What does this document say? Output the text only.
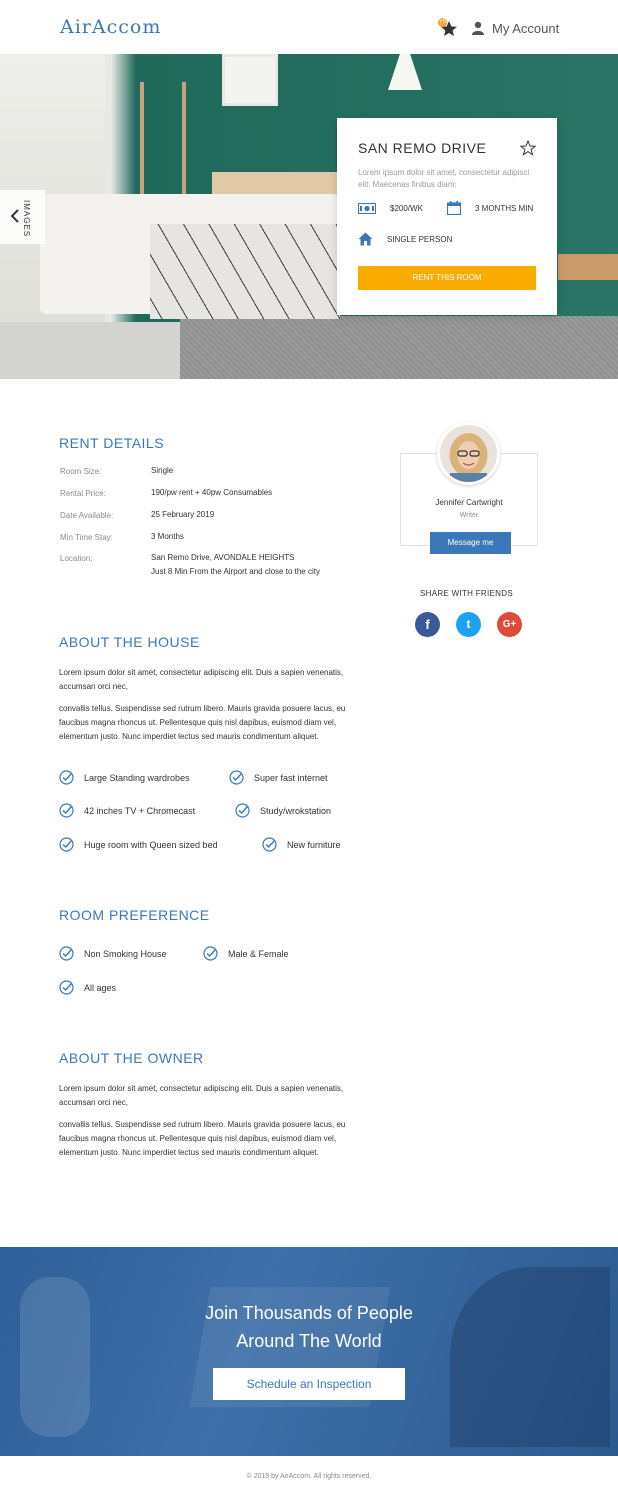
AirAccom	+5	My Account
IMAGES
SAN REMO DRIVE
Lorem ipsum dolor sit amet, consectetur adipisci elit. Maecenas finibus diam:
$200/WK	3 MONTHS MIN
SINGLE PERSON
RENT THIS ROOM
RENT DETAILS
Room Size:	Single
Rental Price:	190/pw rent + 40pw Consumables
Date Available:	25 February 2019
Min Time Stay:	3 Months
Location:	San Remo Drive, AVONDALE HEIGHTS
Just 8 Min From the Airport and close to the city
Jennifer Cartwright
Writer
Message me
SHARE WITH FRIENDS
f	t	G+
ABOUT THE HOUSE
Lorem ipsum dolor sit amet, consectetur adipiscing elit. Duis a sapien venenatis, accumsan orci nec,
convallis tellus. Suspendisse sed rutrum libero. Mauris gravida posuere lacus, eu faucibus magna rhoncus ut. Pellentesque quis nisl dapibus, euismod diam vel, elementum justo. Nunc imperdiet lectus sed mauris condimentum aliquet.
Large Standing wardrobes	Super fast internet
42 inches TV + Chromecast	Study/wrokstation
Huge room with Queen sized bed	New furniture
ROOM PREFERENCE
Non Smoking House	Male & Female
All ages
ABOUT THE OWNER
Lorem ipsum dolor sit amet, consectetur adipiscing elit. Duis a sapien venenatis, accumsan orci nec,
convallis tellus. Suspendisse sed rutrum libero. Mauris gravida posuere lacus, eu faucibus magna rhoncus ut. Pellentesque quis nisl dapibus, euismod diam vel, elementum justo. Nunc imperdiet lectus sed mauris condimentum aliquet.
Join Thousands of People
Around The World
Schedule an Inspection
© 2019 by AirAccom. All rights reserved.
